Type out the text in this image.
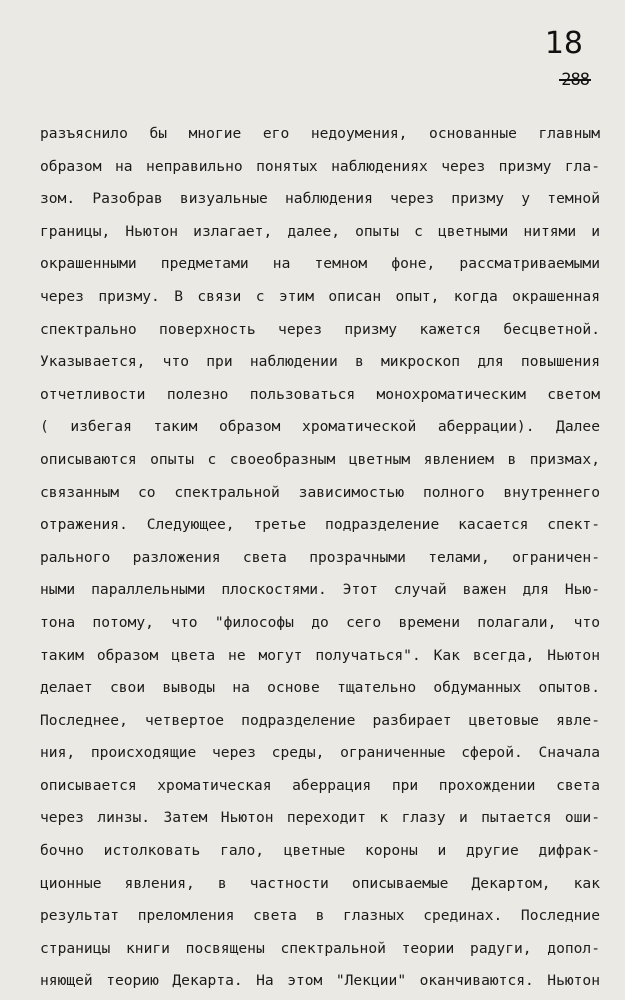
18
288
разъяснило бы многие его недоумения, основанные главным
образом на неправильно понятых наблюдениях через призму гла-
зом. Разобрав визуальные наблюдения через призму у темной
границы, Ньютон излагает, далее, опыты с цветными нитями и
окрашенными предметами на темном фоне, рассматриваемыми
через призму. В связи с этим описан опыт, когда окрашенная
спектрально поверхность через призму кажется бесцветной.
Указывается, что при наблюдении в микроскоп для повышения
отчетливости полезно пользоваться монохроматическим светом
( избегая таким образом хроматической аберрации). Далее
описываются опыты с своеобразным цветным явлением в призмах,
связанным со спектральной зависимостью полного внутреннего
отражения. Следующее, третье подразделение касается спект-
рального разложения света прозрачными телами, ограничен-
ными параллельными плоскостями. Этот случай важен для Нью-
тона потому, что "философы до сего времени полагали, что
таким образом цвета не могут получаться". Как всегда, Ньютон
делает свои выводы на основе тщательно обдуманных опытов.
Последнее, четвертое подразделение разбирает цветовые явле-
ния, происходящие через среды, ограниченные сферой. Сначала
описывается хроматическая аберрация при прохождении света
через линзы. Затем Ньютон переходит к глазу и пытается оши-
бочно истолковать гало, цветные короны и другие дифрак-
ционные явления, в частности описываемые Декартом, как
результат преломления света в глазных срединах. Последние
страницы книги посвящены спектральной теории радуги, допол-
няющей теорию Декарта. На этом "Лекции" оканчиваются. Ньютон
